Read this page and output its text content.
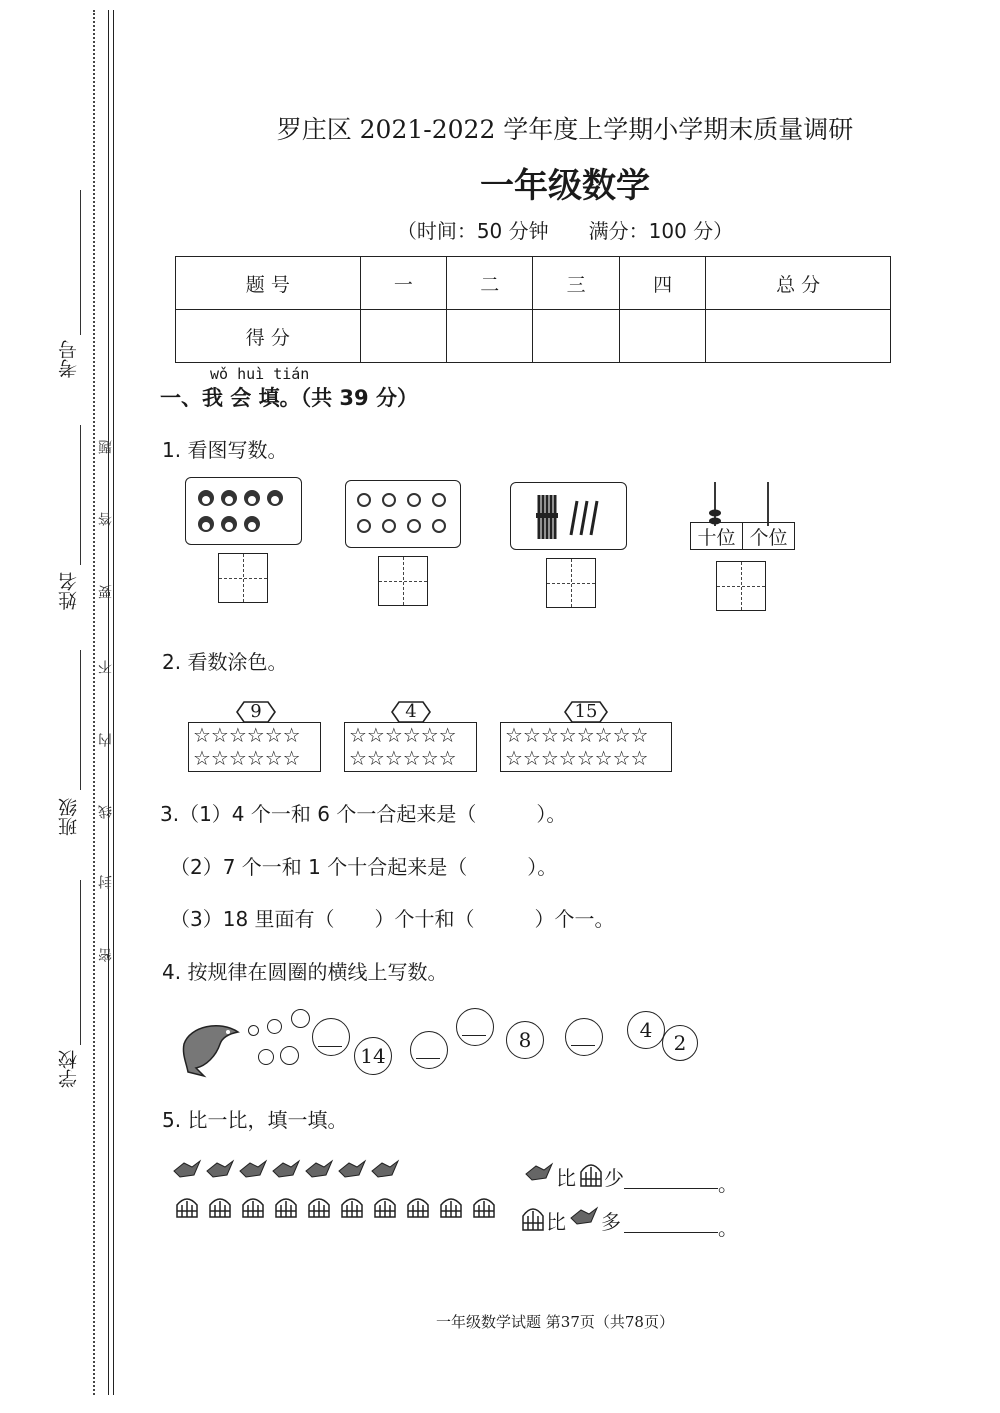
考号
姓名
班级
学校
题
答
要
不
内
线
封
密
罗庄区 2021-2022 学年度上学期小学期末质量调研
一年级数学
（时间：50 分钟　　满分：100 分）
题 号	一	二	三	四	总 分
得 分					
wǒ huì tián
一、我 会 填。（共 39 分）
1. 看图写数。
十位 个位
2. 看数涂色。
9
☆☆☆☆☆☆
☆☆☆☆☆☆
4
☆☆☆☆☆☆
☆☆☆☆☆☆
15
☆☆☆☆☆☆☆☆
☆☆☆☆☆☆☆☆
3.（1）4 个一和 6 个一合起来是（　　　）。
（2）7 个一和 1 个十合起来是（　　　）。
（3）18 里面有（　　）个十和（　　　）个一。
4. 按规律在圆圈的横线上写数。
14
8	4
2
5. 比一比，填一填。
比 少	。
比 多	。
一年级数学试题 第37页（共78页）
